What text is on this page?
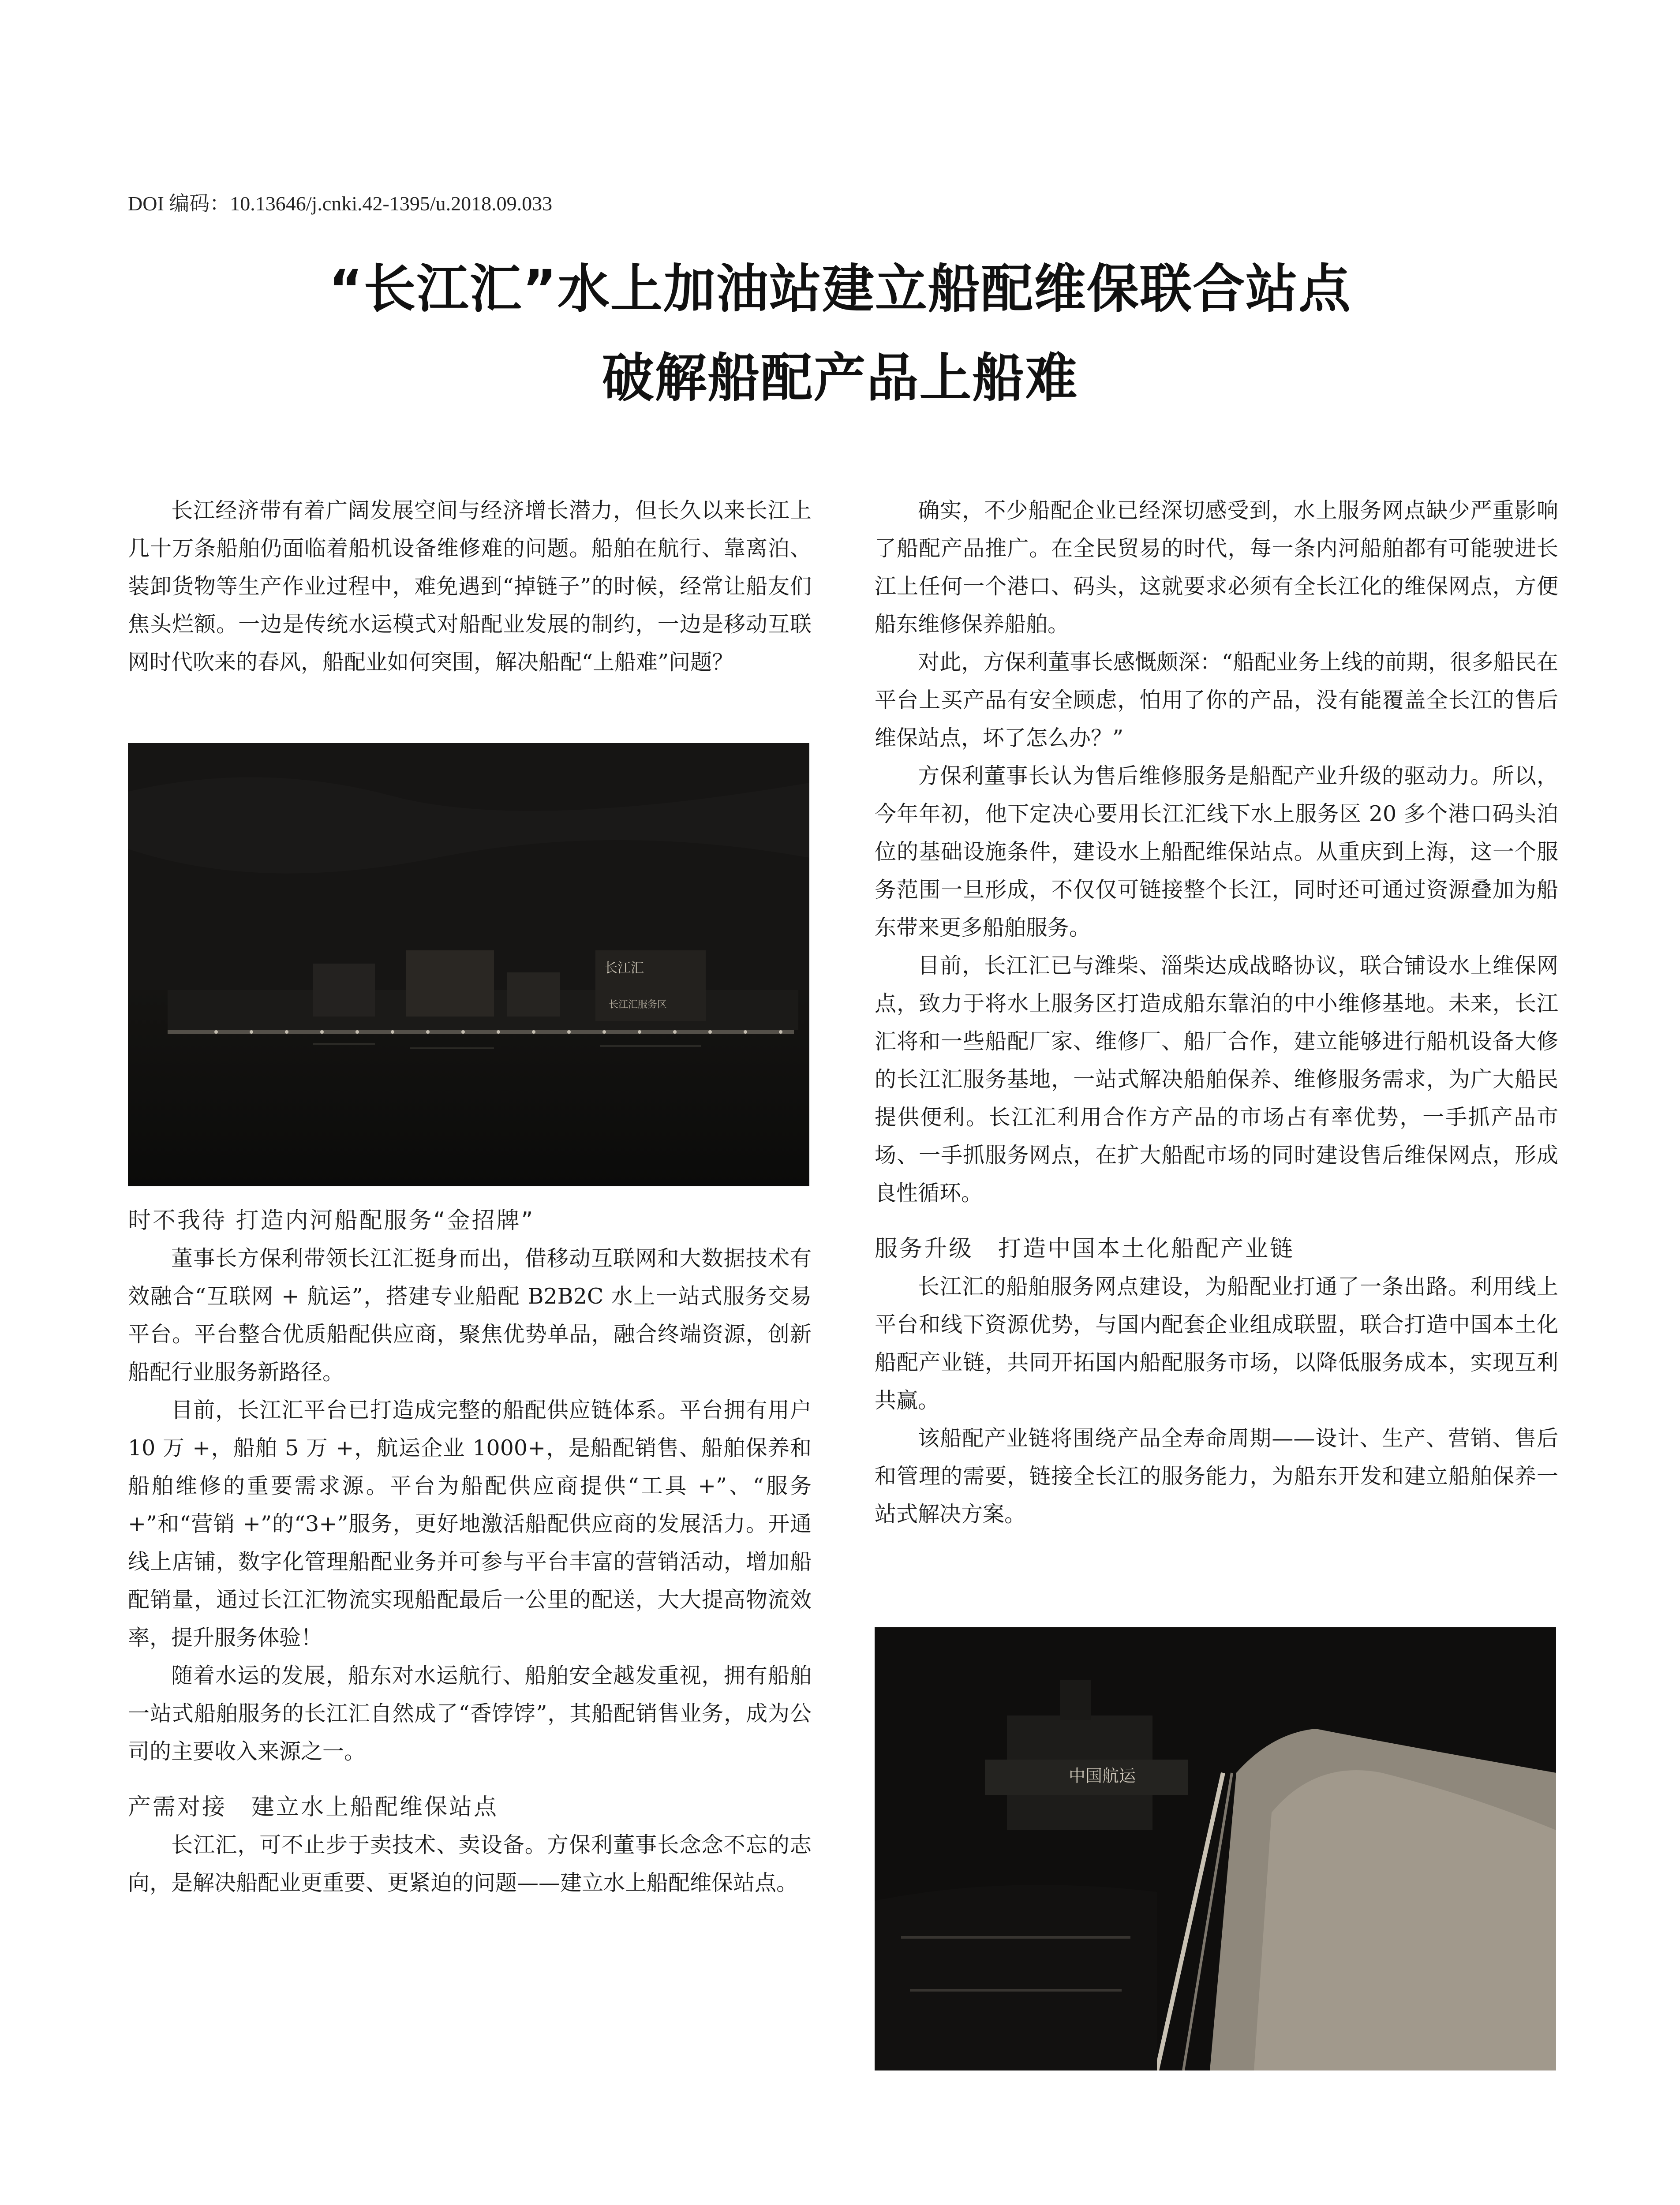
DOI 编码：10.13646/j.cnki.42-1395/u.2018.09.033
“长江汇”水上加油站建立船配维保联合站点
破解船配产品上船难

长江经济带有着广阔发展空间与经济增长潜力，但长久以来长江上几十万条船舶仍面临着船机设备维修难的问题。船舶在航行、靠离泊、装卸货物等生产作业过程中，难免遇到“掉链子”的时候，经常让船友们焦头烂额。一边是传统水运模式对船配业发展的制约，一边是移动互联网时代吹来的春风，船配业如何突围，解决船配“上船难”问题？

长江汇
长江汇服务区

时不我待 打造内河船配服务“金招牌”

董事长方保利带领长江汇挺身而出，借移动互联网和大数据技术有效融合“互联网 + 航运”，搭建专业船配 B2B2C 水上一站式服务交易平台。平台整合优质船配供应商，聚焦优势单品，融合终端资源，创新船配行业服务新路径。

目前，长江汇平台已打造成完整的船配供应链体系。平台拥有用户 10 万 +，船舶 5 万 +，航运企业 1000+，是船配销售、船舶保养和船舶维修的重要需求源。平台为船配供应商提供“工具 +”、“服务 +”和“营销 +”的“3+”服务，更好地激活船配供应商的发展活力。开通线上店铺，数字化管理船配业务并可参与平台丰富的营销活动，增加船配销量，通过长江汇物流实现船配最后一公里的配送，大大提高物流效率，提升服务体验！

随着水运的发展，船东对水运航行、船舶安全越发重视，拥有船舶一站式船舶服务的长江汇自然成了“香饽饽”，其船配销售业务，成为公司的主要收入来源之一。

产需对接　建立水上船配维保站点

长江汇，可不止步于卖技术、卖设备。方保利董事长念念不忘的志向，是解决船配业更重要、更紧迫的问题——建立水上船配维保站点。

确实，不少船配企业已经深切感受到，水上服务网点缺少严重影响了船配产品推广。在全民贸易的时代，每一条内河船舶都有可能驶进长江上任何一个港口、码头，这就要求必须有全长江化的维保网点，方便船东维修保养船舶。

对此，方保利董事长感慨颇深：“船配业务上线的前期，很多船民在平台上买产品有安全顾虑，怕用了你的产品，没有能覆盖全长江的售后维保站点，坏了怎么办？”

方保利董事长认为售后维修服务是船配产业升级的驱动力。所以，今年年初，他下定决心要用长江汇线下水上服务区 20 多个港口码头泊位的基础设施条件，建设水上船配维保站点。从重庆到上海，这一个服务范围一旦形成，不仅仅可链接整个长江，同时还可通过资源叠加为船东带来更多船舶服务。

目前，长江汇已与潍柴、淄柴达成战略协议，联合铺设水上维保网点，致力于将水上服务区打造成船东靠泊的中小维修基地。未来，长江汇将和一些船配厂家、维修厂、船厂合作，建立能够进行船机设备大修的长江汇服务基地，一站式解决船舶保养、维修服务需求，为广大船民提供便利。长江汇利用合作方产品的市场占有率优势，一手抓产品市场、一手抓服务网点，在扩大船配市场的同时建设售后维保网点，形成良性循环。

服务升级　打造中国本土化船配产业链

长江汇的船舶服务网点建设，为船配业打通了一条出路。利用线上平台和线下资源优势，与国内配套企业组成联盟，联合打造中国本土化船配产业链，共同开拓国内船配服务市场，以降低服务成本，实现互利共赢。

该船配产业链将围绕产品全寿命周期——设计、生产、营销、售后和管理的需要，链接全长江的服务能力，为船东开发和建立船舶保养一站式解决方案。

中国航运
